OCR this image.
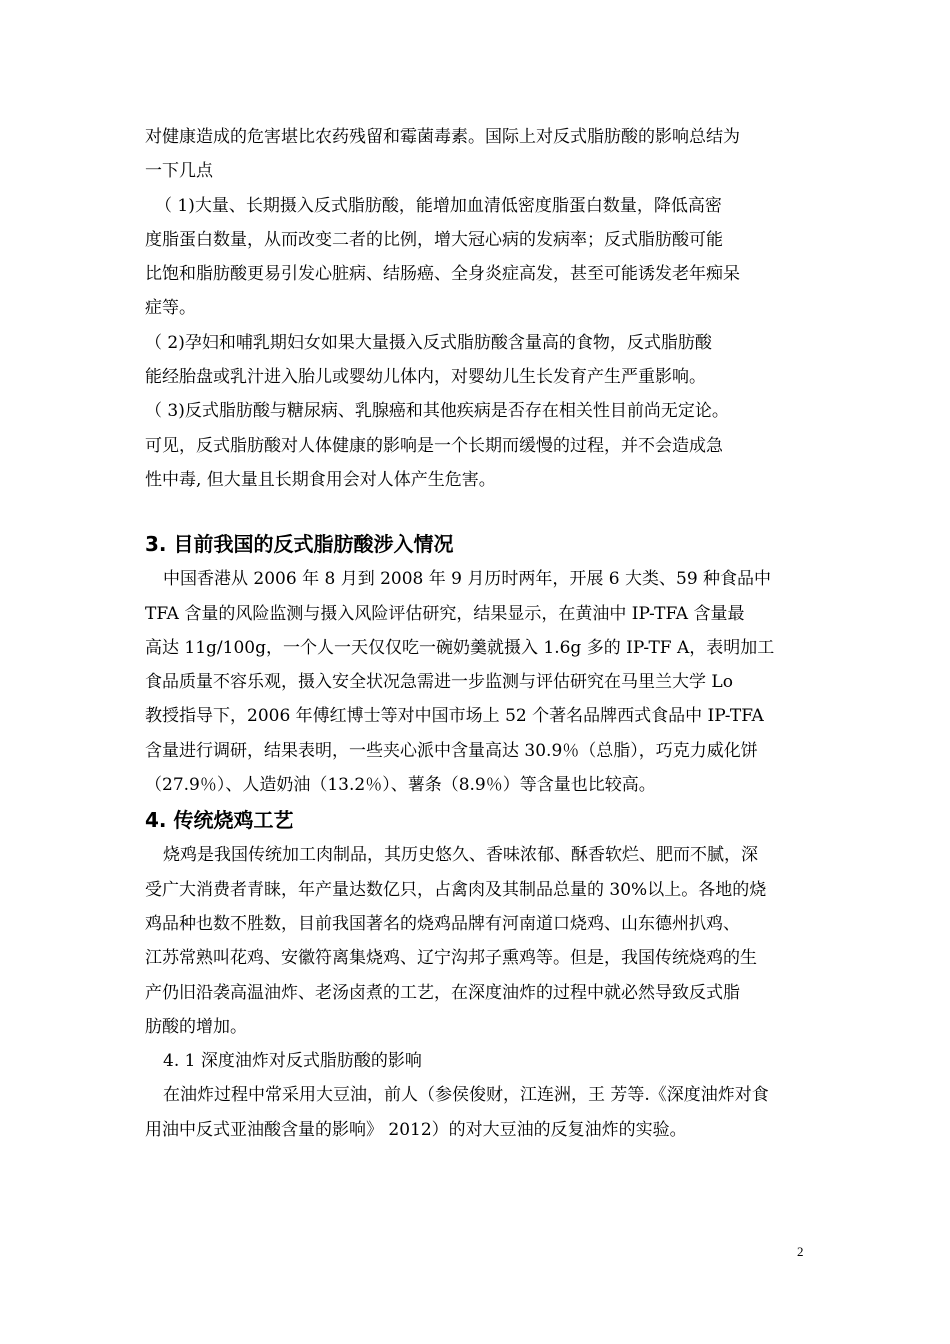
对健康造成的危害堪比农药残留和霉菌毒素。国际上对反式脂肪酸的影响总结为
一下几点
（ 1)大量、长期摄入反式脂肪酸，能增加血清低密度脂蛋白数量，降低高密
度脂蛋白数量，从而改变二者的比例，增大冠心病的发病率；反式脂肪酸可能
比饱和脂肪酸更易引发心脏病、结肠癌、全身炎症高发，甚至可能诱发老年痴呆
症等。
（ 2)孕妇和哺乳期妇女如果大量摄入反式脂肪酸含量高的食物，反式脂肪酸
能经胎盘或乳汁进入胎儿或婴幼儿体内，对婴幼儿生长发育产生严重影响。
（ 3)反式脂肪酸与糖尿病、乳腺癌和其他疾病是否存在相关性目前尚无定论。
可见，反式脂肪酸对人体健康的影响是一个长期而缓慢的过程，并不会造成急
性中毒, 但大量且长期食用会对人体产生危害。
3. 目前我国的反式脂肪酸涉入情况
中国香港从 2006 年 8 月到 2008 年 9 月历时两年，开展 6 大类、59 种食品中
TFA 含量的风险监测与摄入风险评估研究，结果显示，在黄油中 IP-TFA 含量最
高达 11g/100g，一个人一天仅仅吃一碗奶羹就摄入 1.6g 多的 IP-TF A，表明加工
食品质量不容乐观，摄入安全状况急需进一步监测与评估研究在马里兰大学 Lo
教授指导下，2006 年傅红博士等对中国市场上 52 个著名品牌西式食品中 IP-TFA
含量进行调研，结果表明，一些夹心派中含量高达 30.9％（总脂），巧克力威化饼
（27.9％）、人造奶油（13.2％）、薯条（8.9％）等含量也比较高。
4. 传统烧鸡工艺
烧鸡是我国传统加工肉制品，其历史悠久、香味浓郁、酥香软烂、肥而不腻，深
受广大消费者青睐，年产量达数亿只，占禽肉及其制品总量的 30%以上。各地的烧
鸡品种也数不胜数，目前我国著名的烧鸡品牌有河南道口烧鸡、山东德州扒鸡、
江苏常熟叫花鸡、安徽符离集烧鸡、辽宁沟邦子熏鸡等。但是，我国传统烧鸡的生
产仍旧沿袭高温油炸、老汤卤煮的工艺，在深度油炸的过程中就必然导致反式脂
肪酸的增加。
4. 1 深度油炸对反式脂肪酸的影响
在油炸过程中常采用大豆油，前人（参侯俊财，江连洲，王 芳等.《深度油炸对食
用油中反式亚油酸含量的影响》 2012）的对大豆油的反复油炸的实验。
2
